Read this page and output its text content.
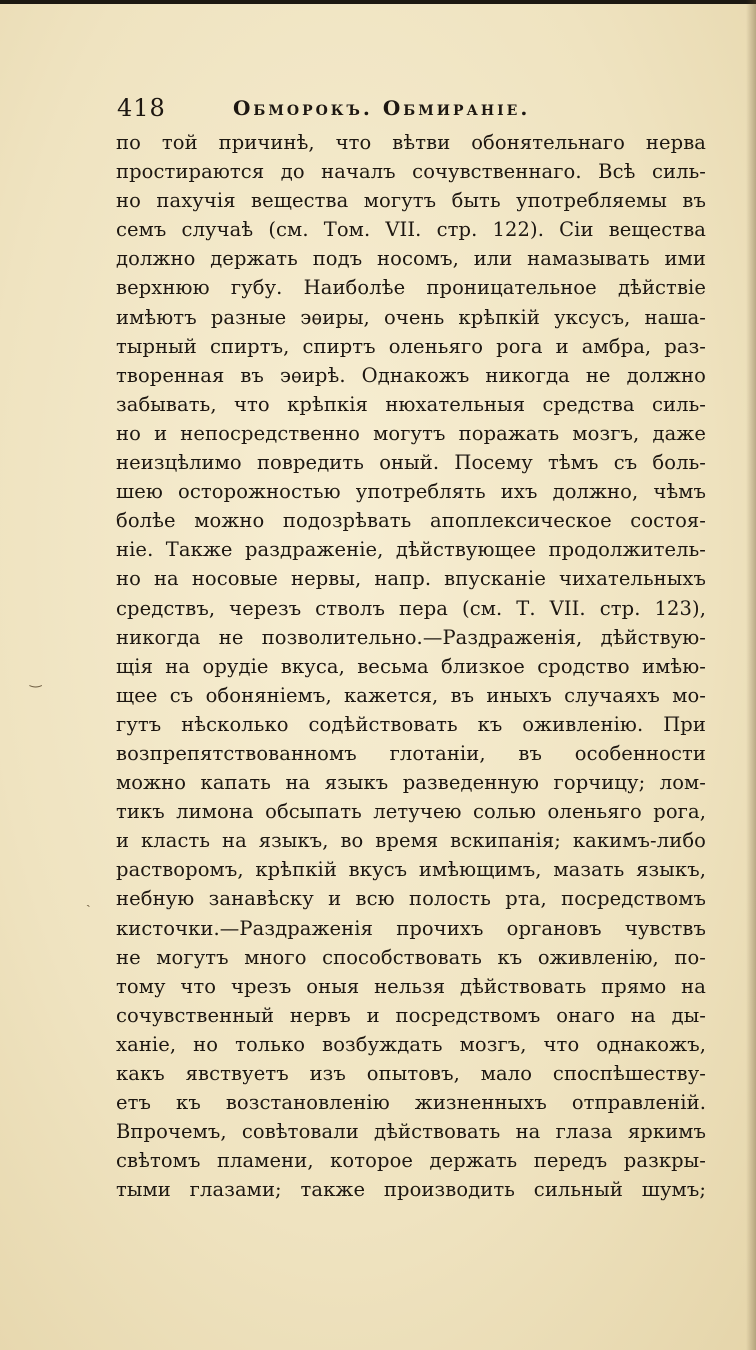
418	Обморокъ. Обмиранiе.
по той причинѣ, что вѣтви обонятельнаго нерва
простираются до началъ сочувственнаго. Всѣ силь-
но пахучiя вещества могутъ быть употребляемы въ
семъ случаѣ (см. Том. VII. стр. 122). Сiи вещества
должно держать подъ носомъ, или намазывать ими
верхнюю губу. Наиболѣе проницательное дѣйствiе
имѣютъ разные эѳиры, очень крѣпкiй уксусъ, наша-
тырный спиртъ, спиртъ оленьяго рога и амбра, раз-
творенная въ эѳирѣ. Однакожъ никогда не должно
забывать, что крѣпкiя нюхательныя средства силь-
но и непосредственно могутъ поражать мозгъ, даже
неизцѣлимо повредить оный. Посему тѣмъ съ боль-
шею осторожностью употреблять ихъ должно, чѣмъ
болѣе можно подозрѣвать апоплексическое состоя-
нiе. Также раздраженiе, дѣйствующее продолжитель-
но на носовые нервы, напр. впусканiе чихательныхъ
средствъ, черезъ стволъ пера (см. Т. VII. стр. 123),
никогда не позволительно.—Раздраженiя, дѣйствую-
щiя на орудiе вкуса, весьма близкое сродство имѣю-
щее съ обонянiемъ, кажется, въ иныхъ случаяхъ мо-
гутъ нѣсколько содѣйствовать къ оживленiю. При
возпрепятствованномъ глотанiи, въ особенности
можно капать на языкъ разведенную горчицу; лом-
тикъ лимона обсыпать летучею солью оленьяго рога,
и класть на языкъ, во время вскипанiя; какимъ-либо
растворомъ, крѣпкiй вкусъ имѣющимъ, мазать языкъ,
небную занавѣску и всю полость рта, посредствомъ
кисточки.—Раздраженiя прочихъ органовъ чувствъ
не могутъ много способствовать къ оживленiю, по-
тому что чрезъ оныя нельзя дѣйствовать прямо на
сочувственный нервъ и посредствомъ онаго на ды-
ханiе, но только возбуждать мозгъ, что однакожъ,
какъ явствуетъ изъ опытовъ, мало споспѣшеству-
етъ къ возстановленiю жизненныхъ отправленiй.
Впрочемъ, совѣтовали дѣйствовать на глаза яркимъ
свѣтомъ пламени, которое держать передъ разкры-
тыми глазами; также производить сильный шумъ;
‿
ˏ
